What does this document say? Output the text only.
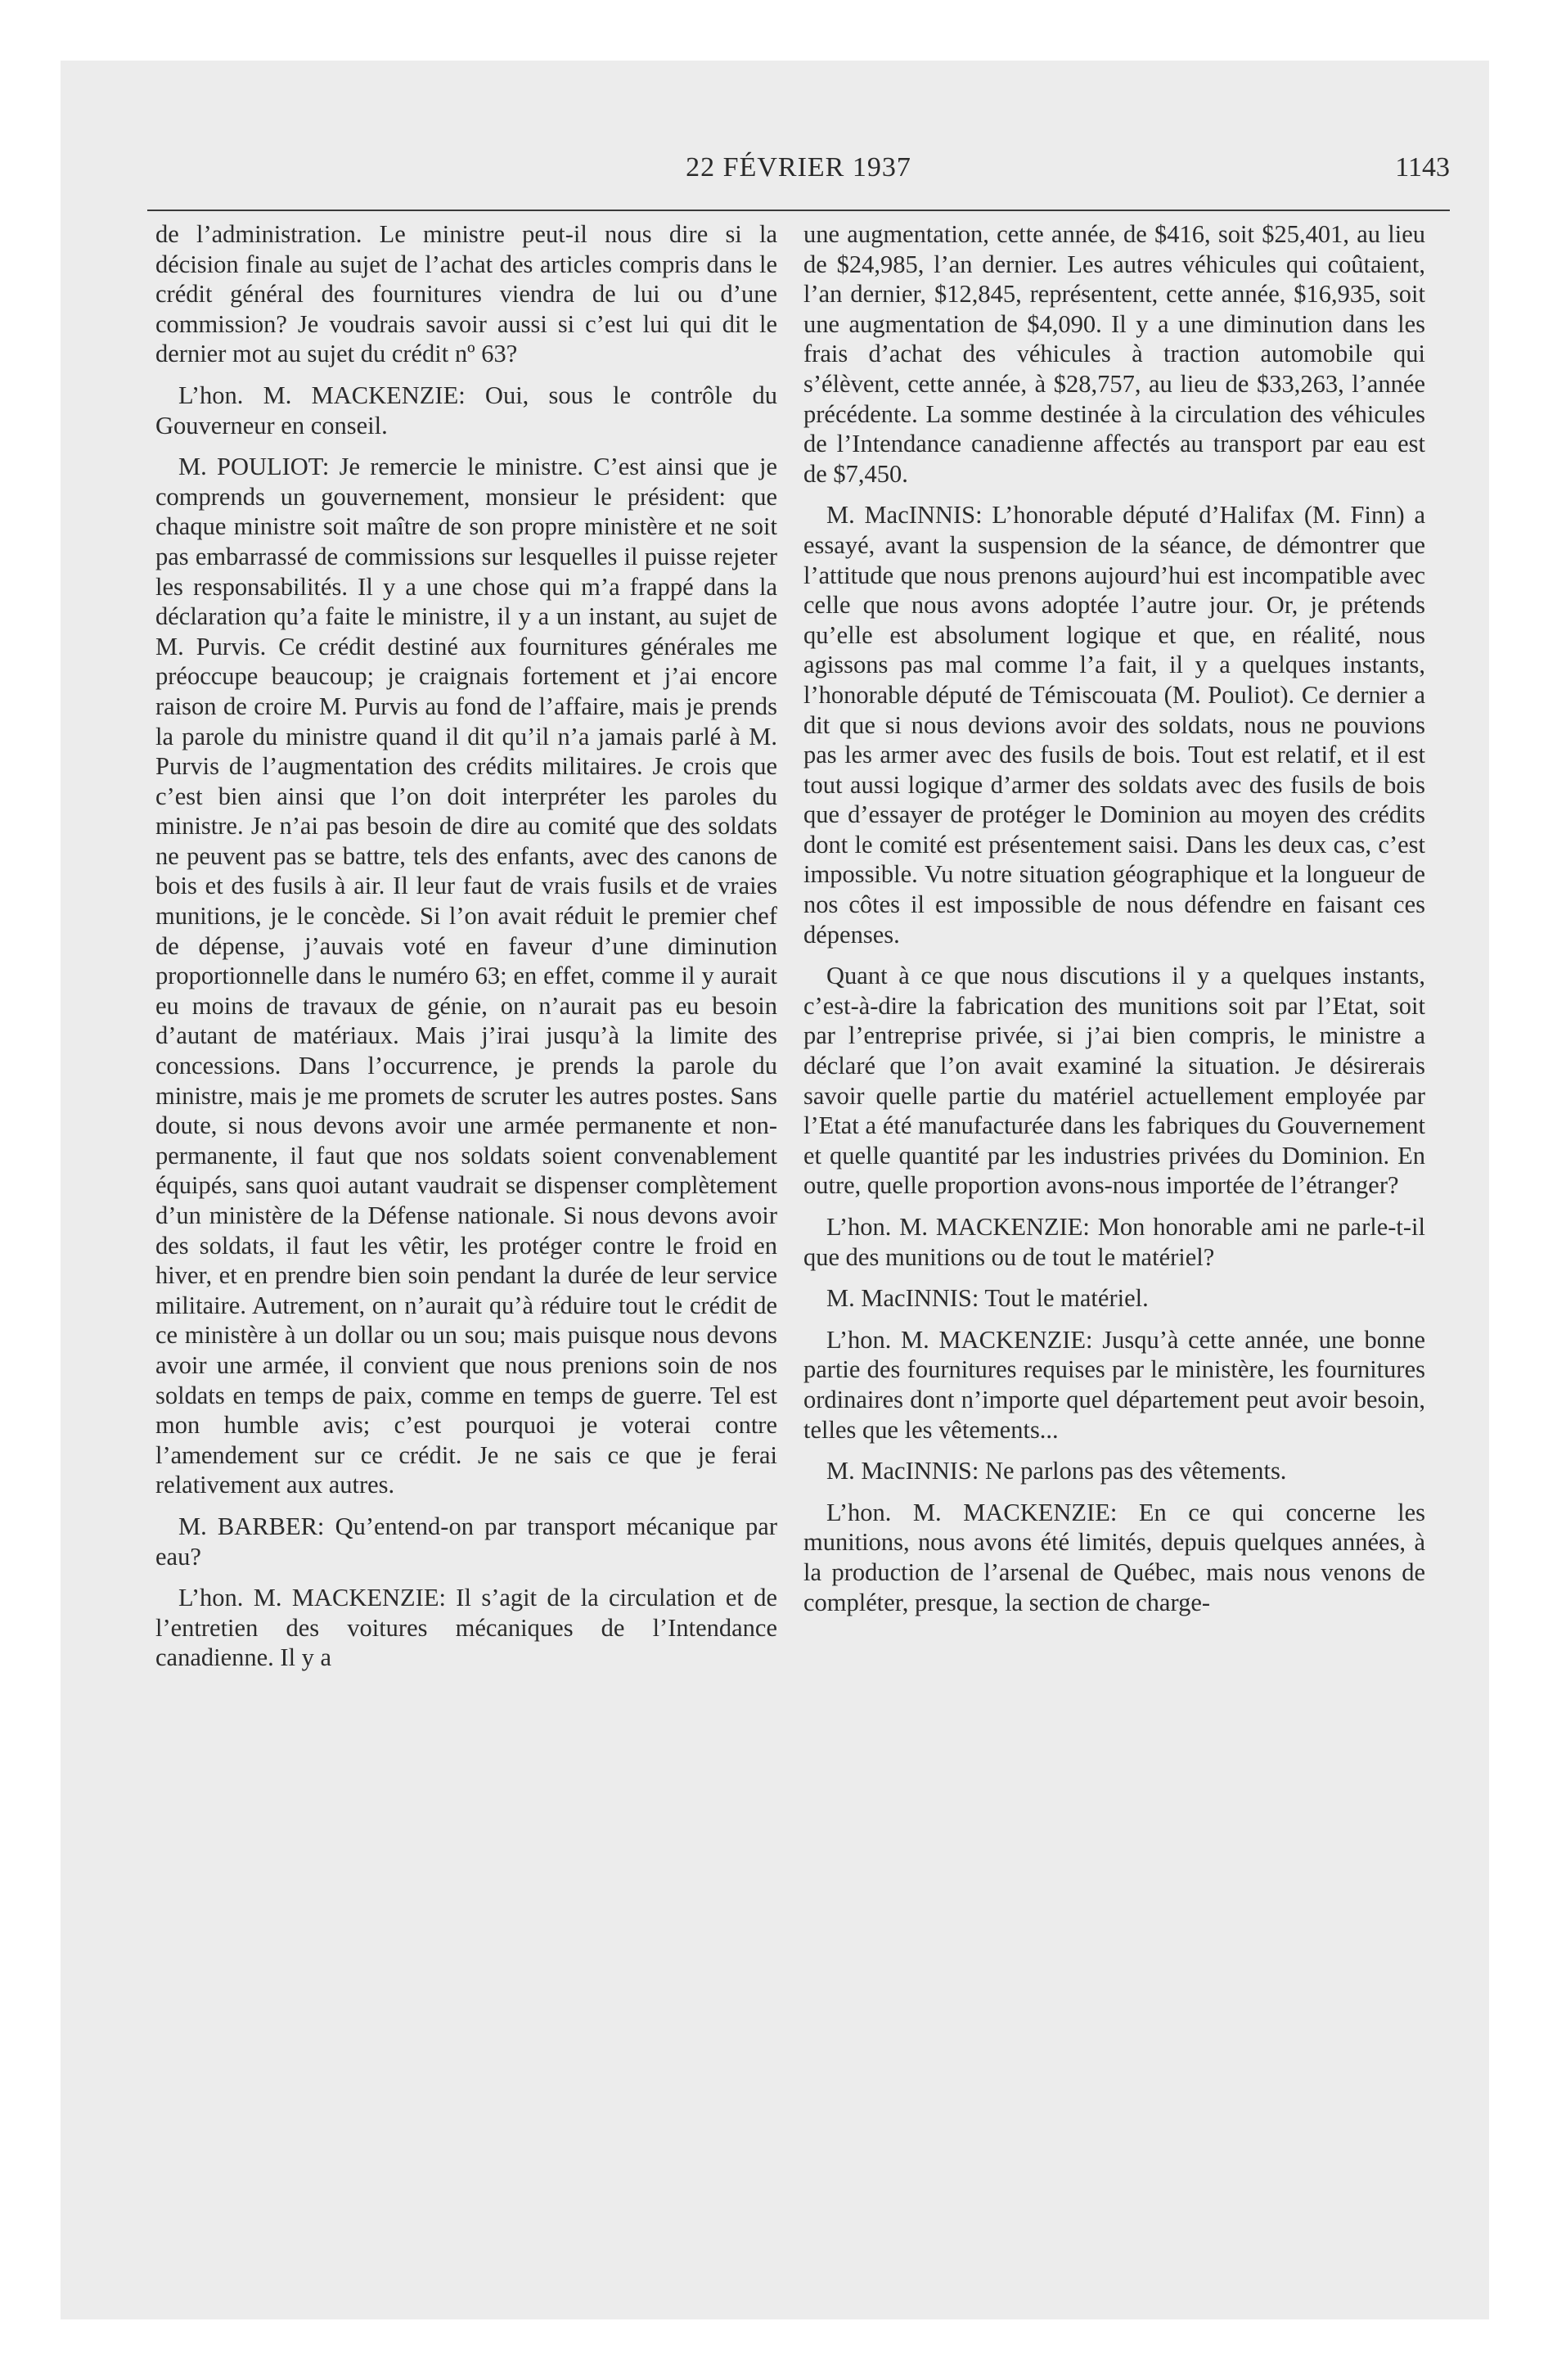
22 FÉVRIER 1937	1143

de l’administration. Le ministre peut-il nous dire si la décision finale au sujet de l’achat des articles compris dans le crédit général des fournitures viendra de lui ou d’une commission? Je voudrais savoir aussi si c’est lui qui dit le dernier mot au sujet du crédit nº 63?

L’hon. M. MACKENZIE: Oui, sous le contrôle du Gouverneur en conseil.

M. POULIOT: Je remercie le ministre. C’est ainsi que je comprends un gouvernement, monsieur le président: que chaque ministre soit maître de son propre ministère et ne soit pas embarrassé de commissions sur lesquelles il puisse rejeter les responsabilités. Il y a une chose qui m’a frappé dans la déclaration qu’a faite le ministre, il y a un instant, au sujet de M. Purvis. Ce crédit destiné aux fournitures générales me préoccupe beaucoup; je craignais fortement et j’ai encore raison de croire M. Purvis au fond de l’affaire, mais je prends la parole du ministre quand il dit qu’il n’a jamais parlé à M. Purvis de l’augmentation des crédits militaires. Je crois que c’est bien ainsi que l’on doit interpréter les paroles du ministre. Je n’ai pas besoin de dire au comité que des soldats ne peuvent pas se battre, tels des enfants, avec des canons de bois et des fusils à air. Il leur faut de vrais fusils et de vraies munitions, je le concède. Si l’on avait réduit le premier chef de dépense, j’auvais voté en faveur d’une diminution proportionnelle dans le numéro 63; en effet, comme il y aurait eu moins de travaux de génie, on n’aurait pas eu besoin d’autant de matériaux. Mais j’irai jusqu’à la limite des concessions. Dans l’occurrence, je prends la parole du ministre, mais je me promets de scruter les autres postes. Sans doute, si nous devons avoir une armée permanente et non-permanente, il faut que nos soldats soient convenablement équipés, sans quoi autant vaudrait se dispenser complètement d’un ministère de la Défense nationale. Si nous devons avoir des soldats, il faut les vêtir, les protéger contre le froid en hiver, et en prendre bien soin pendant la durée de leur service militaire. Autrement, on n’aurait qu’à réduire tout le crédit de ce ministère à un dollar ou un sou; mais puisque nous devons avoir une armée, il convient que nous prenions soin de nos soldats en temps de paix, comme en temps de guerre. Tel est mon humble avis; c’est pourquoi je voterai contre l’amendement sur ce crédit. Je ne sais ce que je ferai relativement aux autres.

M. BARBER: Qu’entend-on par transport mécanique par eau?

L’hon. M. MACKENZIE: Il s’agit de la circulation et de l’entretien des voitures mécaniques de l’Intendance canadienne. Il y a

une augmentation, cette année, de $416, soit $25,401, au lieu de $24,985, l’an dernier. Les autres véhicules qui coûtaient, l’an dernier, $12,845, représentent, cette année, $16,935, soit une augmentation de $4,090. Il y a une diminution dans les frais d’achat des véhicules à traction automobile qui s’élèvent, cette année, à $28,757, au lieu de $33,263, l’année précédente. La somme destinée à la circulation des véhicules de l’Intendance canadienne affectés au transport par eau est de $7,450.

M. MacINNIS: L’honorable député d’Halifax (M. Finn) a essayé, avant la suspension de la séance, de démontrer que l’attitude que nous prenons aujourd’hui est incompatible avec celle que nous avons adoptée l’autre jour. Or, je prétends qu’elle est absolument logique et que, en réalité, nous agissons pas mal comme l’a fait, il y a quelques instants, l’honorable député de Témiscouata (M. Pouliot). Ce dernier a dit que si nous devions avoir des soldats, nous ne pouvions pas les armer avec des fusils de bois. Tout est relatif, et il est tout aussi logique d’armer des soldats avec des fusils de bois que d’essayer de protéger le Dominion au moyen des crédits dont le comité est présentement saisi. Dans les deux cas, c’est impossible. Vu notre situation géographique et la longueur de nos côtes il est impossible de nous défendre en faisant ces dépenses.

Quant à ce que nous discutions il y a quelques instants, c’est-à-dire la fabrication des munitions soit par l’Etat, soit par l’entreprise privée, si j’ai bien compris, le ministre a déclaré que l’on avait examiné la situation. Je désirerais savoir quelle partie du matériel actuellement employée par l’Etat a été manufacturée dans les fabriques du Gouvernement et quelle quantité par les industries privées du Dominion. En outre, quelle proportion avons-nous importée de l’étranger?

L’hon. M. MACKENZIE: Mon honorable ami ne parle-t-il que des munitions ou de tout le matériel?

M. MacINNIS: Tout le matériel.

L’hon. M. MACKENZIE: Jusqu’à cette année, une bonne partie des fournitures requises par le ministère, les fournitures ordinaires dont n’importe quel département peut avoir besoin, telles que les vêtements...

M. MacINNIS: Ne parlons pas des vêtements.

L’hon. M. MACKENZIE: En ce qui concerne les munitions, nous avons été limités, depuis quelques années, à la production de l’arsenal de Québec, mais nous venons de compléter, presque, la section de charge-
